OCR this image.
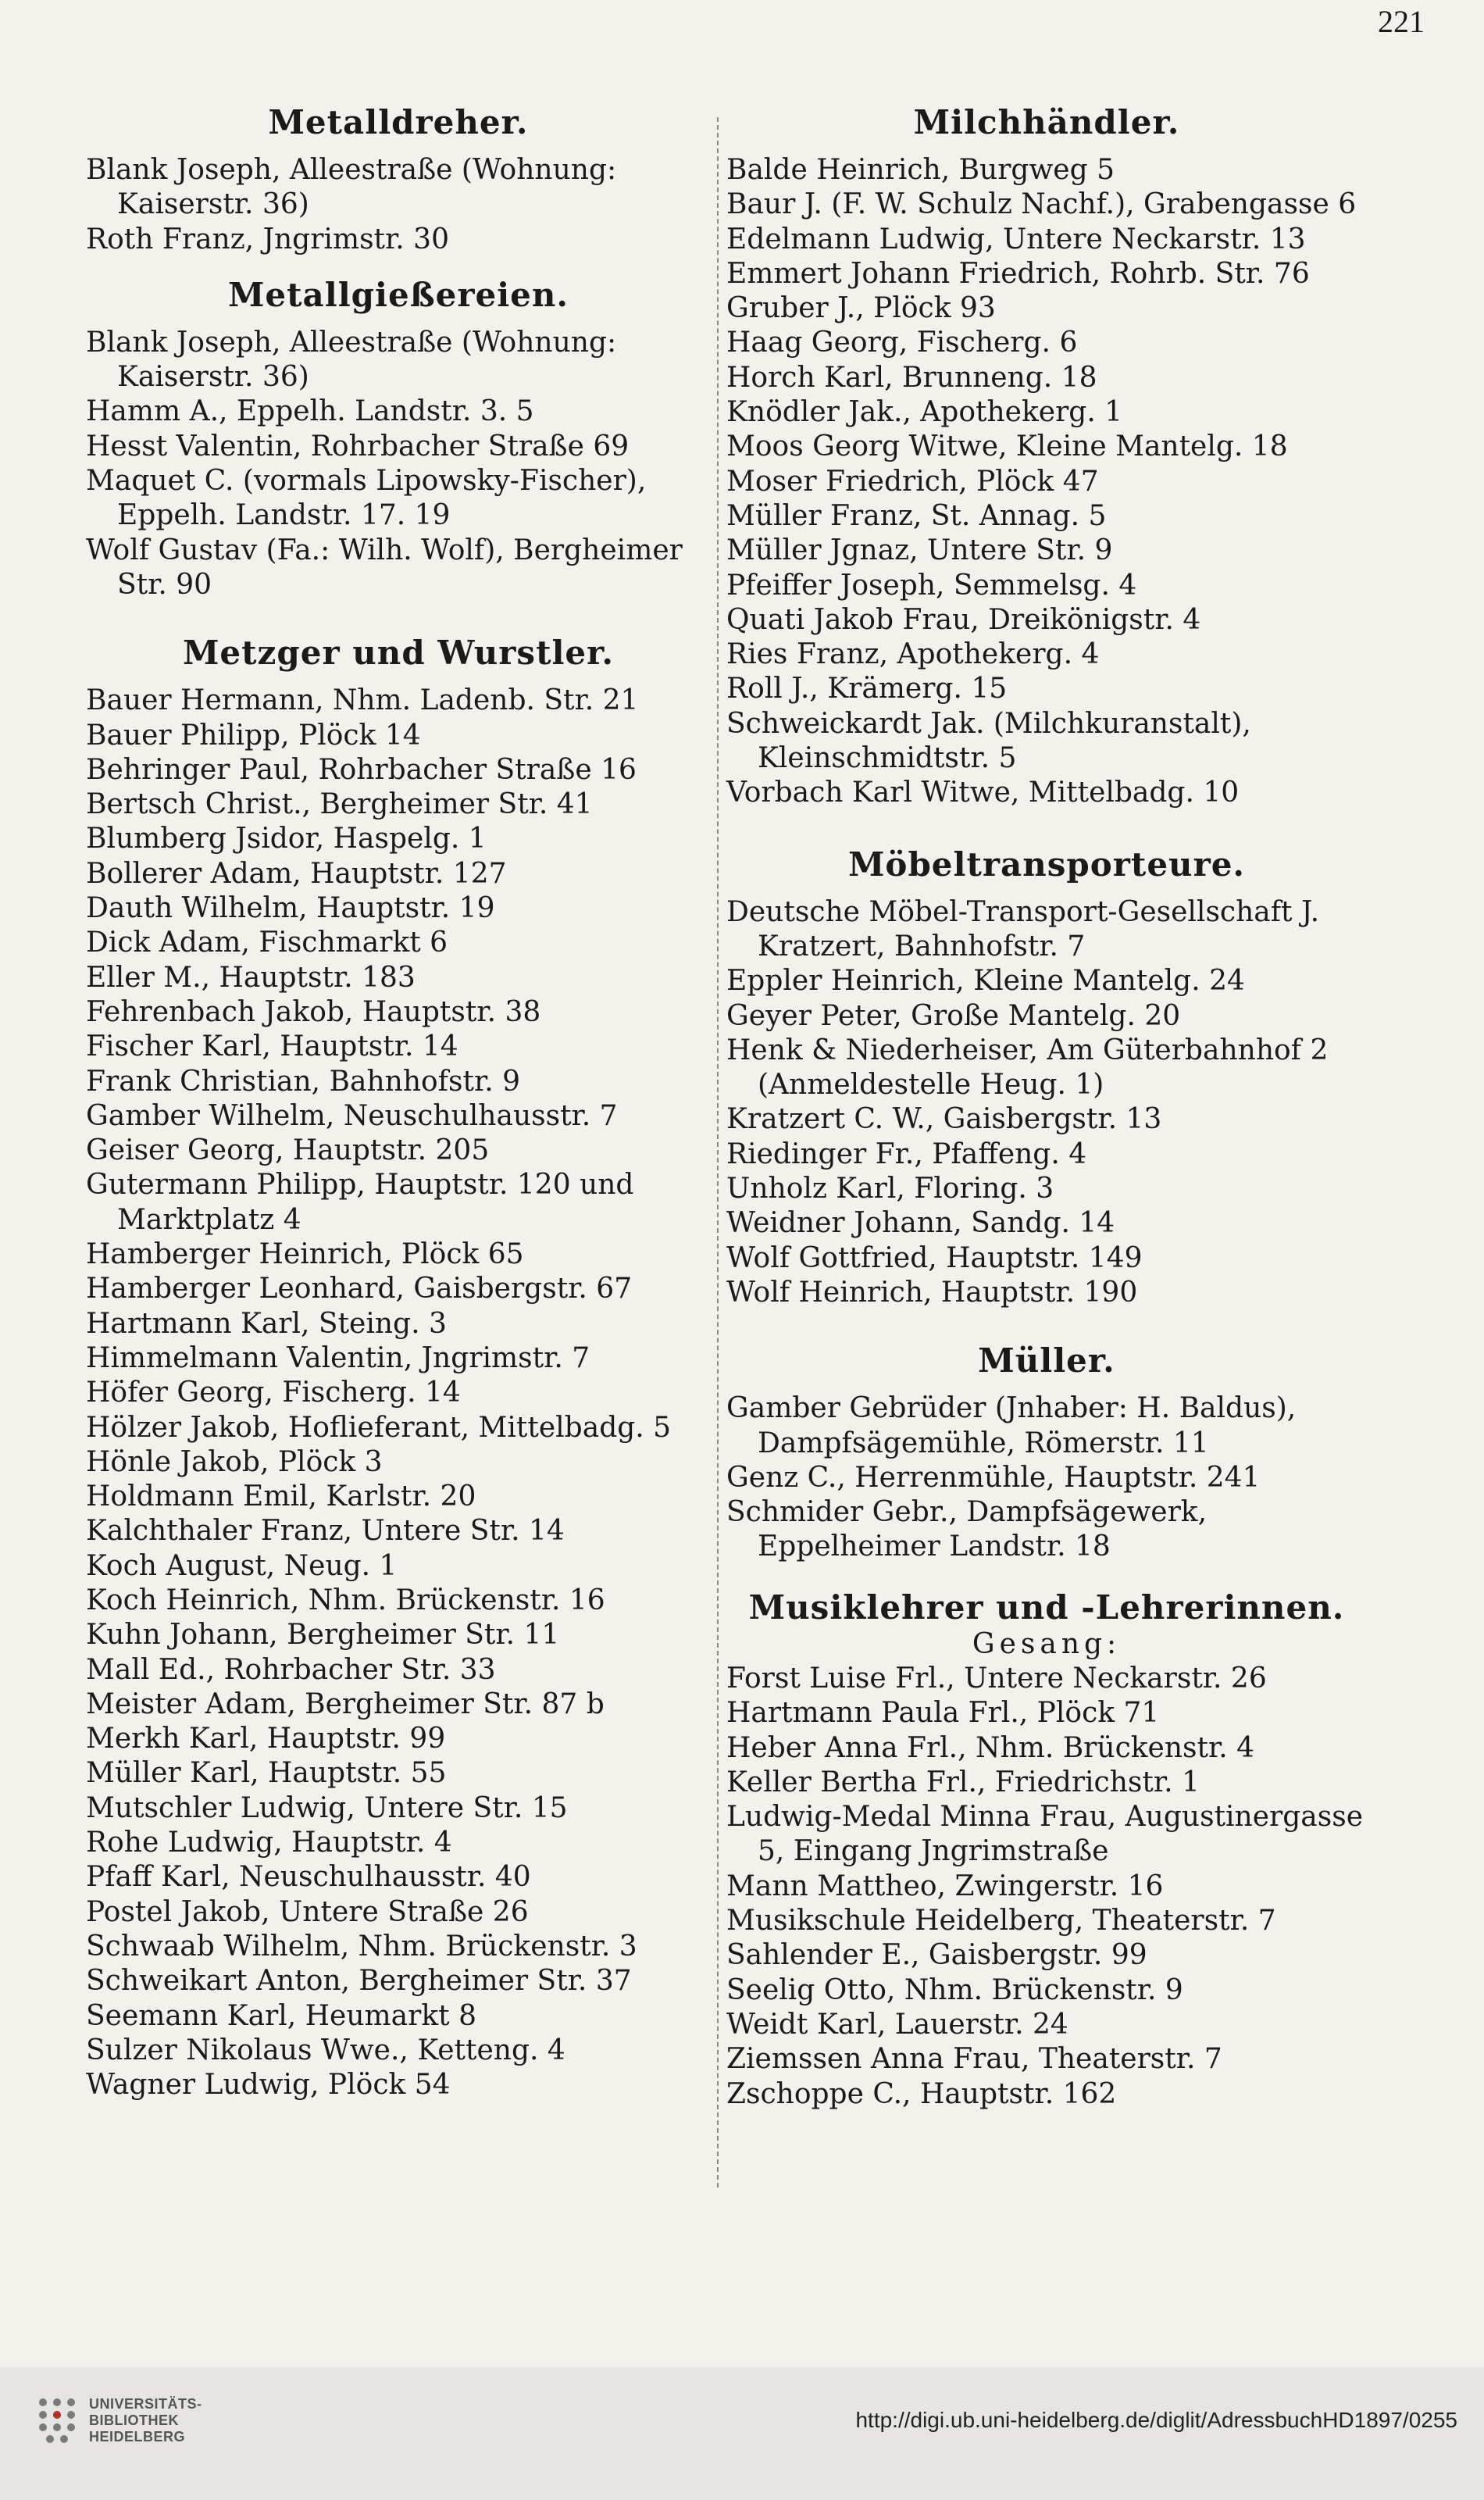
221
Metalldreher.
Blank Joseph, Alleestraße (Wohnung: Kaiserstr. 36)
Roth Franz, Jngrimstr. 30
Metallgießereien.
Blank Joseph, Alleestraße (Wohnung: Kaiserstr. 36)
Hamm A., Eppelh. Landstr. 3. 5
Hesst Valentin, Rohrbacher Straße 69
Maquet C. (vormals Lipowsky-Fischer), Eppelh. Landstr. 17. 19
Wolf Gustav (Fa.: Wilh. Wolf), Bergheimer Str. 90
Metzger und Wurstler.
Bauer Hermann, Nhm. Ladenb. Str. 21
Bauer Philipp, Plöck 14
Behringer Paul, Rohrbacher Straße 16
Bertsch Christ., Bergheimer Str. 41
Blumberg Jsidor, Haspelg. 1
Bollerer Adam, Hauptstr. 127
Dauth Wilhelm, Hauptstr. 19
Dick Adam, Fischmarkt 6
Eller M., Hauptstr. 183
Fehrenbach Jakob, Hauptstr. 38
Fischer Karl, Hauptstr. 14
Frank Christian, Bahnhofstr. 9
Gamber Wilhelm, Neuschulhausstr. 7
Geiser Georg, Hauptstr. 205
Gutermann Philipp, Hauptstr. 120 und Marktplatz 4
Hamberger Heinrich, Plöck 65
Hamberger Leonhard, Gaisbergstr. 67
Hartmann Karl, Steing. 3
Himmelmann Valentin, Jngrimstr. 7
Höfer Georg, Fischerg. 14
Hölzer Jakob, Hoflieferant, Mittelbadg. 5
Hönle Jakob, Plöck 3
Holdmann Emil, Karlstr. 20
Kalchthaler Franz, Untere Str. 14
Koch August, Neug. 1
Koch Heinrich, Nhm. Brückenstr. 16
Kuhn Johann, Bergheimer Str. 11
Mall Ed., Rohrbacher Str. 33
Meister Adam, Bergheimer Str. 87 b
Merkh Karl, Hauptstr. 99
Müller Karl, Hauptstr. 55
Mutschler Ludwig, Untere Str. 15
Rohe Ludwig, Hauptstr. 4
Pfaff Karl, Neuschulhausstr. 40
Postel Jakob, Untere Straße 26
Schwaab Wilhelm, Nhm. Brückenstr. 3
Schweikart Anton, Bergheimer Str. 37
Seemann Karl, Heumarkt 8
Sulzer Nikolaus Wwe., Ketteng. 4
Wagner Ludwig, Plöck 54
Milchhändler.
Balde Heinrich, Burgweg 5
Baur J. (F. W. Schulz Nachf.), Grabengasse 6
Edelmann Ludwig, Untere Neckarstr. 13
Emmert Johann Friedrich, Rohrb. Str. 76
Gruber J., Plöck 93
Haag Georg, Fischerg. 6
Horch Karl, Brunneng. 18
Knödler Jak., Apothekerg. 1
Moos Georg Witwe, Kleine Mantelg. 18
Moser Friedrich, Plöck 47
Müller Franz, St. Annag. 5
Müller Jgnaz, Untere Str. 9
Pfeiffer Joseph, Semmelsg. 4
Quati Jakob Frau, Dreikönigstr. 4
Ries Franz, Apothekerg. 4
Roll J., Krämerg. 15
Schweickardt Jak. (Milchkuranstalt), Kleinschmidtstr. 5
Vorbach Karl Witwe, Mittelbadg. 10
Möbeltransporteure.
Deutsche Möbel-Transport-Gesellschaft J. Kratzert, Bahnhofstr. 7
Eppler Heinrich, Kleine Mantelg. 24
Geyer Peter, Große Mantelg. 20
Henk & Niederheiser, Am Güterbahnhof 2 (Anmeldestelle Heug. 1)
Kratzert C. W., Gaisbergstr. 13
Riedinger Fr., Pfaffeng. 4
Unholz Karl, Floring. 3
Weidner Johann, Sandg. 14
Wolf Gottfried, Hauptstr. 149
Wolf Heinrich, Hauptstr. 190
Müller.
Gamber Gebrüder (Jnhaber: H. Baldus), Dampfsägemühle, Römerstr. 11
Genz C., Herrenmühle, Hauptstr. 241
Schmider Gebr., Dampfsägewerk, Eppelheimer Landstr. 18
Musiklehrer und -Lehrerinnen.
Gesang:
Forst Luise Frl., Untere Neckarstr. 26
Hartmann Paula Frl., Plöck 71
Heber Anna Frl., Nhm. Brückenstr. 4
Keller Bertha Frl., Friedrichstr. 1
Ludwig-Medal Minna Frau, Augustinergasse 5, Eingang Jngrimstraße
Mann Mattheo, Zwingerstr. 16
Musikschule Heidelberg, Theaterstr. 7
Sahlender E., Gaisbergstr. 99
Seelig Otto, Nhm. Brückenstr. 9
Weidt Karl, Lauerstr. 24
Ziemssen Anna Frau, Theaterstr. 7
Zschoppe C., Hauptstr. 162
UNIVERSITÄTS-
BIBLIOTHEK
HEIDELBERG
http://digi.ub.uni-heidelberg.de/diglit/AdressbuchHD1897/0255
